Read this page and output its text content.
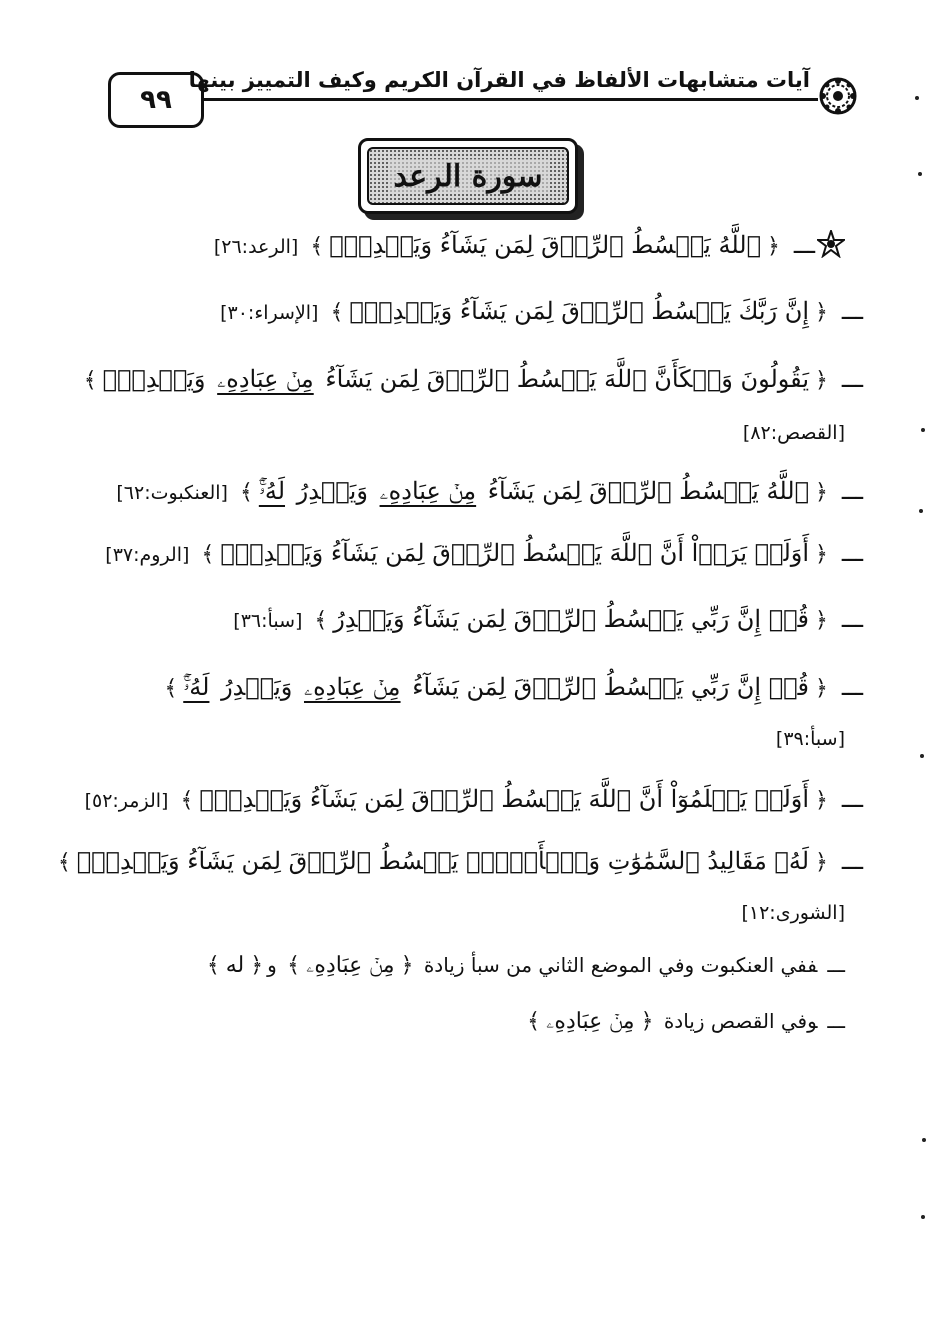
٩٩
آيات متشابهات الألفاظ في القرآن الكريم وكيف التمييز بينها
سورة الرعد
ـــ﴿ٱللَّهُ يَبۡسُطُ ٱلرِّزۡقَ لِمَن يَشَآءُ وَيَقۡدِرُۚ﴾[الرعد:٢٦]
ـــ﴿إِنَّ رَبَّكَ يَبۡسُطُ ٱلرِّزۡقَ لِمَن يَشَآءُ وَيَقۡدِرُۚ﴾[الإسراء:٣٠]
ـــ﴿يَقُولُونَ وَيۡكَأَنَّ ٱللَّهَ يَبۡسُطُ ٱلرِّزۡقَ لِمَن يَشَآءُ مِنۡ عِبَادِهِۦ وَيَقۡدِرُۖ﴾
[القصص:٨٢]
ـــ﴿ٱللَّهُ يَبۡسُطُ ٱلرِّزۡقَ لِمَن يَشَآءُ مِنۡ عِبَادِهِۦ وَيَقۡدِرُ لَهُۥٓۚ﴾[العنكبوت:٦٢]
ـــ﴿أَوَلَمۡ يَرَوۡاْ أَنَّ ٱللَّهَ يَبۡسُطُ ٱلرِّزۡقَ لِمَن يَشَآءُ وَيَقۡدِرُۚ﴾[الروم:٣٧]
ـــ﴿قُلۡ إِنَّ رَبِّي يَبۡسُطُ ٱلرِّزۡقَ لِمَن يَشَآءُ وَيَقۡدِرُ﴾[سبأ:٣٦]
ـــ﴿قُلۡ إِنَّ رَبِّي يَبۡسُطُ ٱلرِّزۡقَ لِمَن يَشَآءُ مِنۡ عِبَادِهِۦ وَيَقۡدِرُ لَهُۥٓۚ﴾
[سبأ:٣٩]
ـــ﴿أَوَلَمۡ يَعۡلَمُوٓاْ أَنَّ ٱللَّهَ يَبۡسُطُ ٱلرِّزۡقَ لِمَن يَشَآءُ وَيَقۡدِرُۚ﴾[الزمر:٥٢]
ـــ﴿لَهُۥ مَقَالِيدُ ٱلسَّمَٰوَٰتِ وَٱلۡأَرۡضِۖ يَبۡسُطُ ٱلرِّزۡقَ لِمَن يَشَآءُ وَيَقۡدِرُۚ﴾
[الشورى:١٢]
ـــففي العنكبوت وفي الموضع الثاني من سبأ زيادة ﴿مِنۡ عِبَادِهِۦ﴾ و﴿له﴾
ـــوفي القصص زيادة ﴿مِنۡ عِبَادِهِۦ﴾
